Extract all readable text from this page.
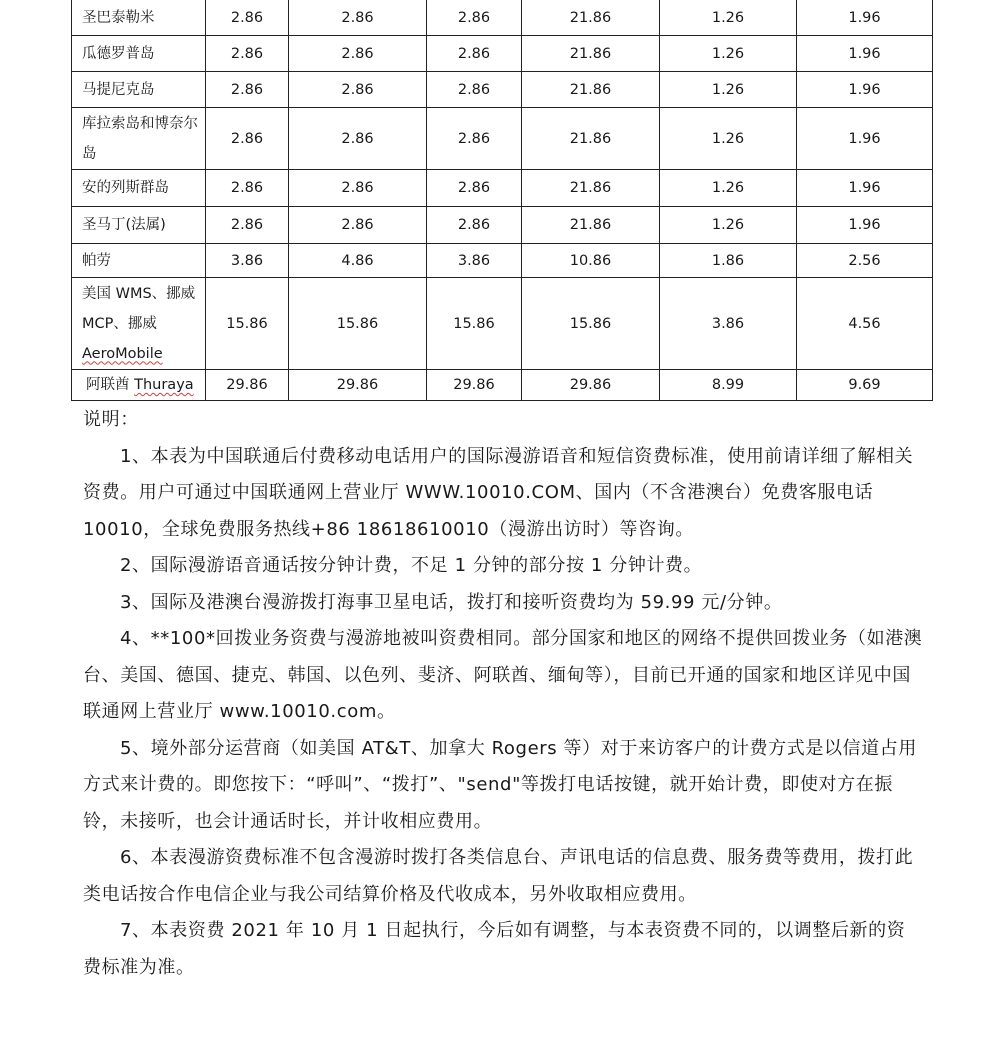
圣巴泰勒米	2.86	2.86	2.86	21.86	1.26	1.96
瓜德罗普岛	2.86	2.86	2.86	21.86	1.26	1.96
马提尼克岛	2.86	2.86	2.86	21.86	1.26	1.96
库拉索岛和博奈尔岛	2.86	2.86	2.86	21.86	1.26	1.96
安的列斯群岛	2.86	2.86	2.86	21.86	1.26	1.96
圣马丁(法属)	2.86	2.86	2.86	21.86	1.26	1.96
帕劳	3.86	4.86	3.86	10.86	1.86	2.56
美国 WMS、挪威 MCP、挪威 AeroMobile	15.86	15.86	15.86	15.86	3.86	4.56
阿联酋 Thuraya	29.86	29.86	29.86	29.86	8.99	9.69

说明：

1、本表为中国联通后付费移动电话用户的国际漫游语音和短信资费标准，使用前请详细了解相关资费。用户可通过中国联通网上营业厅 WWW.10010.COM、国内（不含港澳台）免费客服电话 10010，全球免费服务热线+86 18618610010（漫游出访时）等咨询。

2、国际漫游语音通话按分钟计费，不足 1 分钟的部分按 1 分钟计费。

3、国际及港澳台漫游拨打海事卫星电话，拨打和接听资费均为 59.99 元/分钟。

4、**100*回拨业务资费与漫游地被叫资费相同。部分国家和地区的网络不提供回拨业务（如港澳台、美国、德国、捷克、韩国、以色列、斐济、阿联酋、缅甸等），目前已开通的国家和地区详见中国联通网上营业厅 www.10010.com。

5、境外部分运营商（如美国 AT&T、加拿大 Rogers 等）对于来访客户的计费方式是以信道占用方式来计费的。即您按下：“呼叫”、“拨打”、"send"等拨打电话按键，就开始计费，即使对方在振铃，未接听，也会计通话时长，并计收相应费用。

6、本表漫游资费标准不包含漫游时拨打各类信息台、声讯电话的信息费、服务费等费用，拨打此类电话按合作电信企业与我公司结算价格及代收成本，另外收取相应费用。

7、本表资费 2021 年 10 月 1 日起执行，今后如有调整，与本表资费不同的，以调整后新的资费标准为准。
